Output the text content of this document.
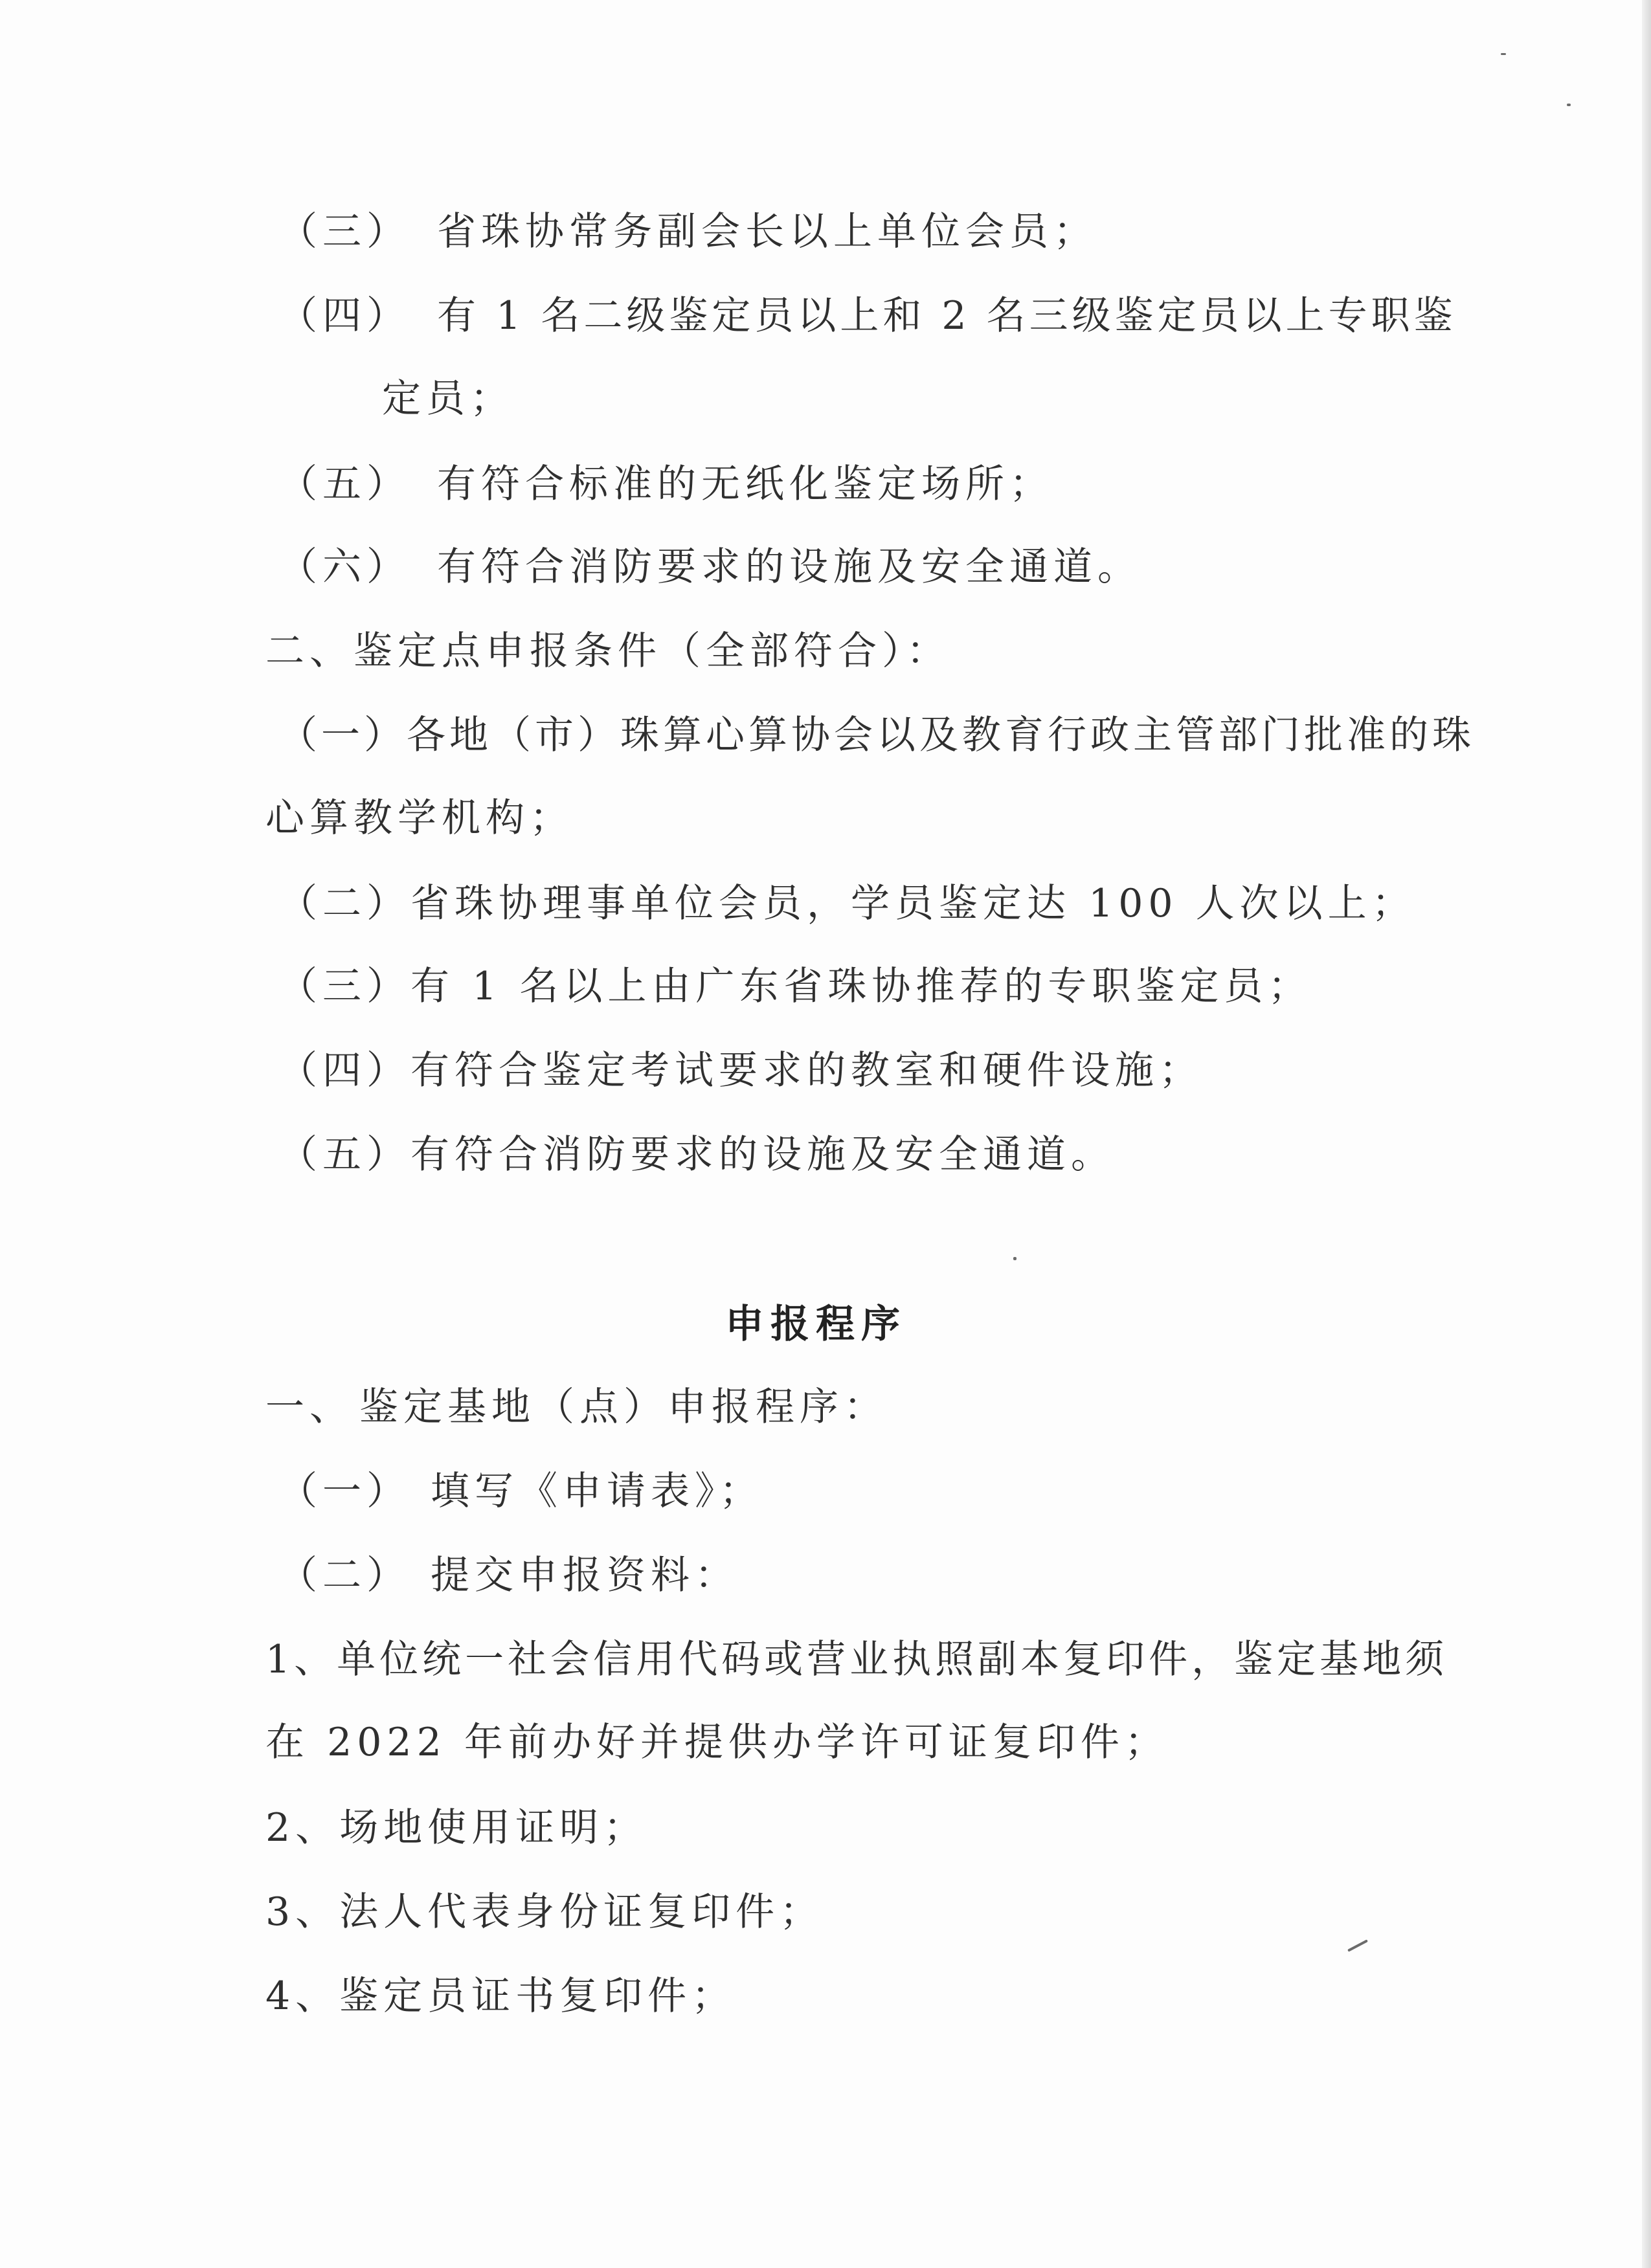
（三） 省珠协常务副会长以上单位会员；
（四） 有 1 名二级鉴定员以上和 2 名三级鉴定员以上专职鉴
定员；
（五） 有符合标准的无纸化鉴定场所；
（六） 有符合消防要求的设施及安全通道。
二、鉴定点申报条件（全部符合）：
（一）各地（市）珠算心算协会以及教育行政主管部门批准的珠
心算教学机构；
（二）省珠协理事单位会员，学员鉴定达 100 人次以上；
（三）有 1 名以上由广东省珠协推荐的专职鉴定员；
（四）有符合鉴定考试要求的教室和硬件设施；
（五）有符合消防要求的设施及安全通道。
申报程序
一、 鉴定基地（点）申报程序：
（一） 填写《申请表》；
（二） 提交申报资料：
1、单位统一社会信用代码或营业执照副本复印件，鉴定基地须
在 2022 年前办好并提供办学许可证复印件；
2、场地使用证明；
3、法人代表身份证复印件；
4、鉴定员证书复印件；
